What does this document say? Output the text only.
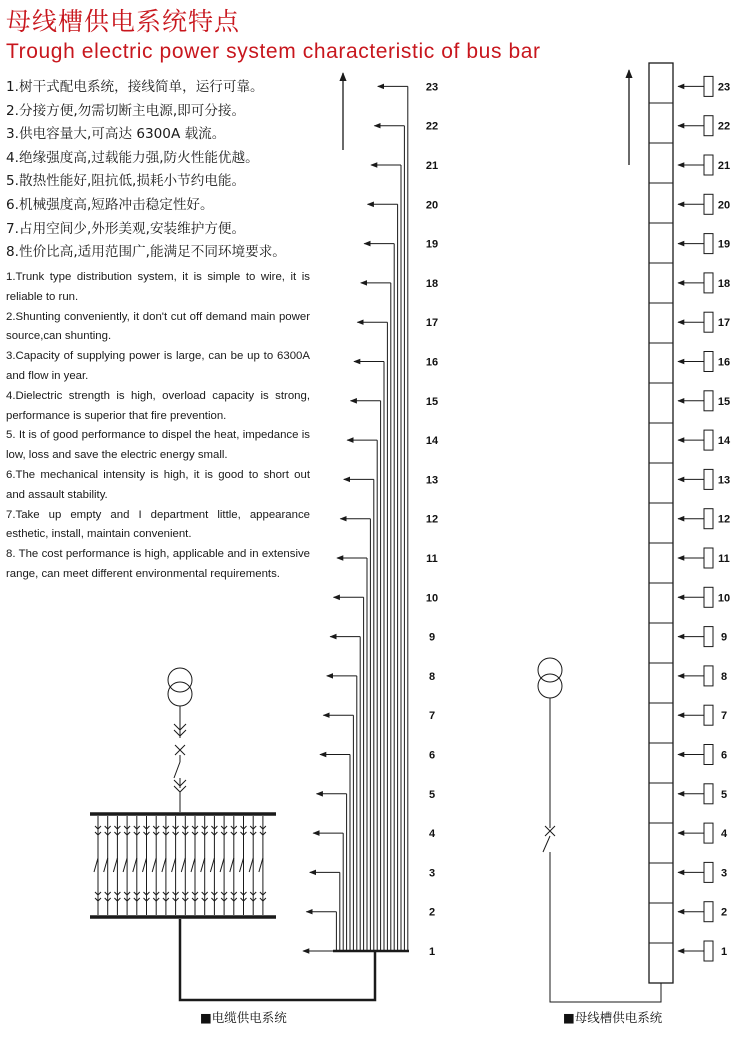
母线槽供电系统特点
Trough electric power system characteristic of bus bar
1.树干式配电系统，接线简单，运行可靠。
2.分接方便,勿需切断主电源,即可分接。
3.供电容量大,可高达 6300A 载流。
4.绝缘强度高,过载能力强,防火性能优越。
5.散热性能好,阻抗低,损耗小节约电能。
6.机械强度高,短路冲击稳定性好。
7.占用空间少,外形美观,安装维护方便。
8.性价比高,适用范围广,能满足不同环境要求。

1.Trunk type distribution system, it is simple to wire, it is reliable to run.

2.Shunting conveniently, it don't cut off demand main power source,can shunting.

3.Capacity of supplying power is large, can be up to 6300A and flow in year.

4.Dielectric strength is high, overload capacity is strong, performance is superior that fire prevention.

5. It is of good performance to dispel the heat, impedance is low, loss and save the electric energy small.

6.The mechanical intensity is high, it is good to short out and assault stability.

7.Take up empty and I department little, appearance esthetic, install, maintain convenient.

8. The cost performance is high, applicable and in extensive range, can meet different environmental requirements.

1
2
3
4
5
6
7
8
9
10
11
12
13
14
15
16
17
18
19
20
21
22
23
1
2
3
4
5
6
7
8
9
10
11
12
13
14
15
16
17
18
19
20
21
22
23
■电缆供电系统	■母线槽供电系统
